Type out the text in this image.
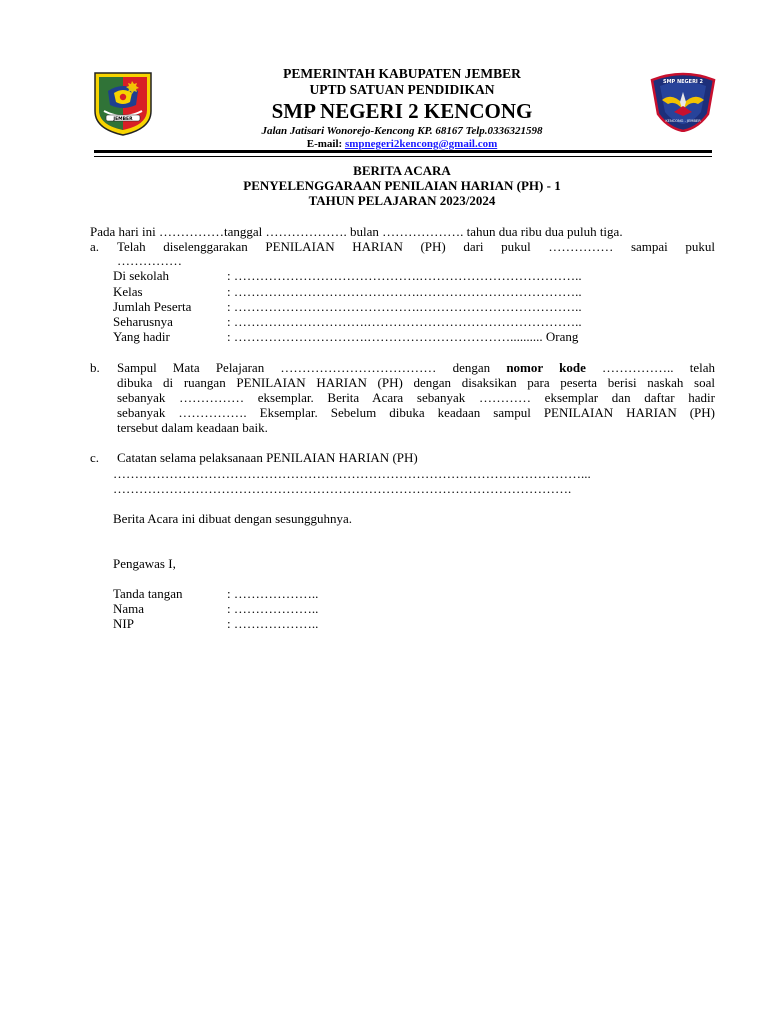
JEMBER
SMP NEGERI 2
KENCONG - JEMBER
PEMERINTAH KABUPATEN JEMBER
UPTD SATUAN PENDIDIKAN
SMP NEGERI 2 KENCONG
Jalan Jatisari Wonorejo-Kencong KP. 68167 Telp.0336321598
E-mail: smpnegeri2kencong@gmail.com
BERITA ACARA
PENYELENGGARAAN PENILAIAN HARIAN (PH) - 1
TAHUN PELAJARAN 2023/2024
Pada hari ini ……………tanggal ………………. bulan ………………. tahun dua ribu dua puluh tiga.
a. Telah diselenggarakan PENILAIAN HARIAN (PH) dari pukul …………… sampai pukul
……………
Di sekolah	: …………………………………….………………………………..
Kelas	: …………………………………….………………………………..
Jumlah Peserta	: …………………………………….………………………………..
Seharusnya	: ………………………….…………………………………………..
Yang hadir	: ………………………….…………………………….......... Orang
b. Sampul Mata Pelajaran ……………………………… dengan nomor kode …………….. telah
dibuka di ruangan PENILAIAN HARIAN (PH) dengan disaksikan para peserta berisi naskah soal
sebanyak …………… eksemplar. Berita Acara sebanyak ………… eksemplar dan daftar hadir
sebanyak ……………. Eksemplar. Sebelum dibuka keadaan sampul PENILAIAN HARIAN (PH)
tersebut dalam keadaan baik.
c. Catatan selama pelaksanaan PENILAIAN HARIAN (PH)
………………………………………………………………………………………………...
…………………………………………………………………………………………….
Berita Acara ini dibuat dengan sesungguhnya.
Pengawas I,
Tanda tangan	: ………………..
Nama	: ………………..
NIP	: ………………..
